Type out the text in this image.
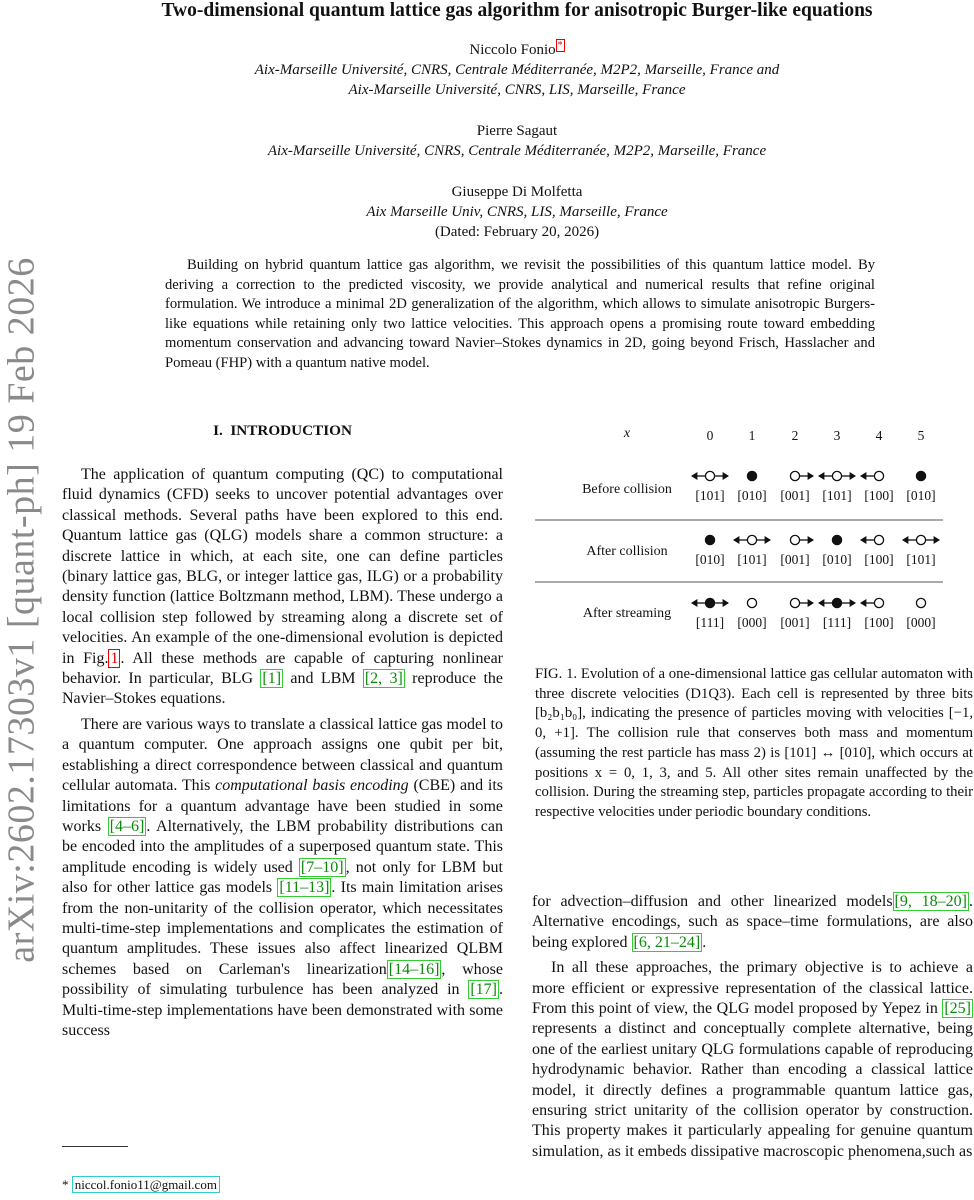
arXiv:2602.17303v1 [quant-ph] 19 Feb 2026
Two-dimensional quantum lattice gas algorithm for anisotropic Burger-like equations
Niccolo Fonio *
Aix-Marseille Université, CNRS, Centrale Méditerranée, M2P2, Marseille, France and
Aix-Marseille Université, CNRS, LIS, Marseille, France
Pierre Sagaut
Aix-Marseille Université, CNRS, Centrale Méditerranée, M2P2, Marseille, France
Giuseppe Di Molfetta
Aix Marseille Univ, CNRS, LIS, Marseille, France
(Dated: February 20, 2026)

Building on hybrid quantum lattice gas algorithm, we revisit the possibilities of this quantum lattice model. By deriving a correction to the predicted viscosity, we provide analytical and numerical results that refine original formulation. We introduce a minimal 2D generalization of the algorithm, which allows to simulate anisotropic Burgers-like equations while retaining only two lattice velocities. This approach opens a promising route toward embedding momentum conservation and advancing toward Navier–Stokes dynamics in 2D, going beyond Frisch, Hasslacher and Pomeau (FHP) with a quantum native model.

I. INTRODUCTION

The application of quantum computing (QC) to computational fluid dynamics (CFD) seeks to uncover potential advantages over classical methods. Several paths have been explored to this end. Quantum lattice gas (QLG) models share a common structure: a discrete lattice in which, at each site, one can define particles (binary lattice gas, BLG, or integer lattice gas, ILG) or a probability density function (lattice Boltzmann method, LBM). These undergo a local collision step followed by streaming along a discrete set of velocities. An example of the one-dimensional evolution is depicted in Fig. 1 . All these methods are capable of capturing nonlinear behavior. In particular, BLG [1] and LBM [2, 3] reproduce the Navier–Stokes equations.

There are various ways to translate a classical lattice gas model to a quantum computer. One approach assigns one qubit per bit, establishing a direct correspondence between classical and quantum cellular automata. This computational basis encoding (CBE) and its limitations for a quantum advantage have been studied in some works [4–6] . Alternatively, the LBM probability distributions can be encoded into the amplitudes of a superposed quantum state. This amplitude encoding is widely used [7–10] , not only for LBM but also for other lattice gas models [11–13] . Its main limitation arises from the non-unitarity of the collision operator, which necessitates multi-time-step implementations and complicates the estimation of quantum amplitudes. These issues also affect linearized QLBM schemes based on Carleman's linearization [14–16] , whose possibility of simulating turbulence has been analyzed in [17] . Multi-time-step implementations have been demonstrated with some success

* niccol.fonio11@gmail.com
x	0	1	2	3	4	5
Before collision [101] [010] [001] [101] [100] [010]
After collision
[010] [101] [001] [010] [100] [101]
After streaming
[111] [000] [001] [111] [100] [000]
FIG. 1. Evolution of a one-dimensional lattice gas cellular automaton with three discrete velocities (D1Q3). Each cell is represented by three bits [b₂b₁b₀], indicating the presence of particles moving with velocities [−1, 0, +1]. The collision rule that conserves both mass and momentum (assuming the rest particle has mass 2) is [101] ↔ [010], which occurs at positions x = 0, 1, 3, and 5. All other sites remain unaffected by the collision. During the streaming step, particles propagate according to their respective velocities under periodic boundary conditions.

for advection–diffusion and other linearized models [9, 18–20] . Alternative encodings, such as space–time formulations, are also being explored [6, 21–24] .

In all these approaches, the primary objective is to achieve a more efficient or expressive representation of the classical lattice. From this point of view, the QLG model proposed by Yepez in [25] represents a distinct and conceptually complete alternative, being one of the earliest unitary QLG formulations capable of reproducing hydrodynamic behavior. Rather than encoding a classical lattice model, it directly defines a programmable quantum lattice gas, ensuring strict unitarity of the collision operator by construction. This property makes it particularly appealing for genuine quantum simulation, as it embeds dissipative macroscopic phenomena,such as
